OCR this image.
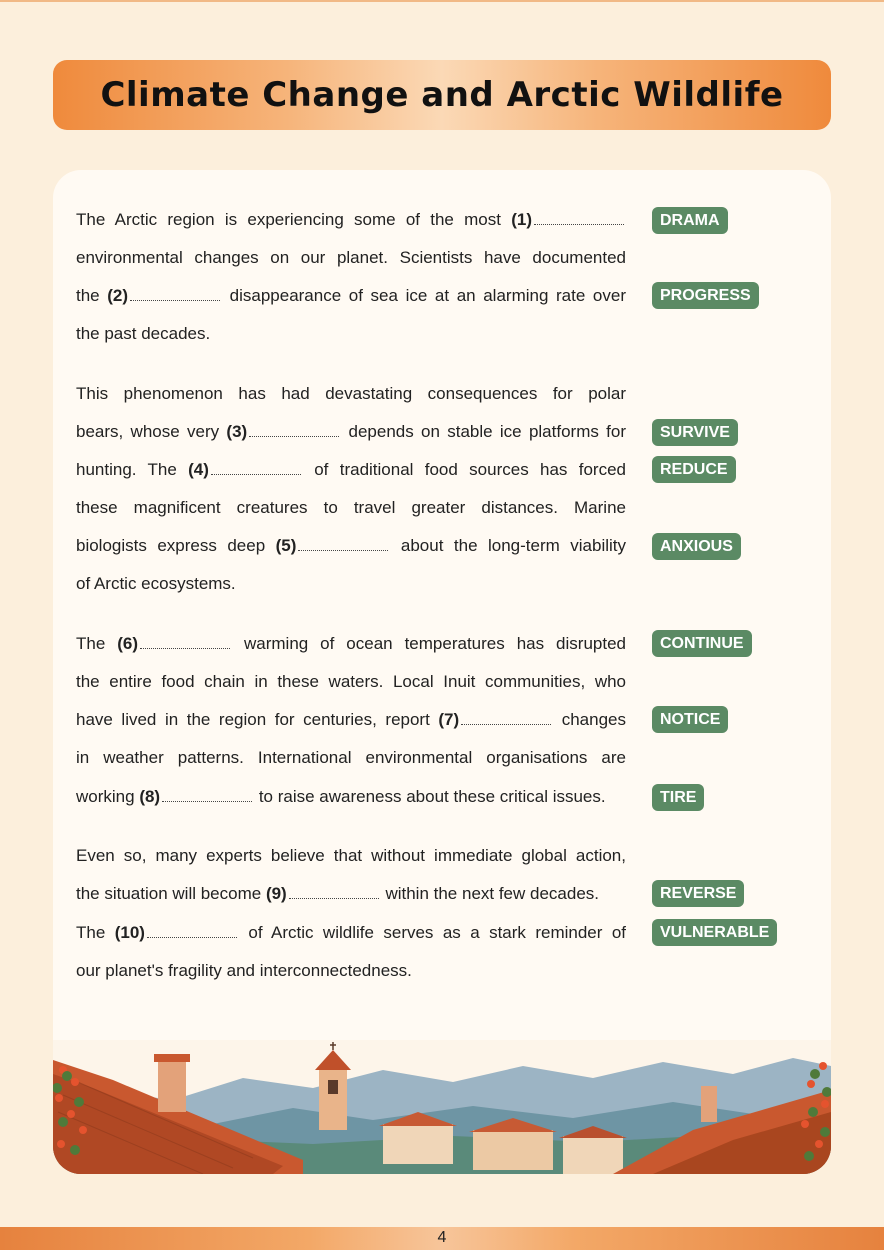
Climate Change and Arctic Wildlife
The Arctic region is experiencing some of the most (1)
environmental changes on our planet. Scientists have documented
the (2)	disappearance of sea ice at an alarming rate over
the past decades.
This phenomenon has had devastating consequences for polar
bears, whose very (3)	depends on stable ice platforms for
hunting. The (4)	of traditional food sources has forced
these magnificent creatures to travel greater distances. Marine
biologists express deep (5)	about the long-term viability
of Arctic ecosystems.
The (6)	warming of ocean temperatures has disrupted
the entire food chain in these waters. Local Inuit communities, who
have lived in the region for centuries, report (7)	changes
in weather patterns. International environmental organisations are
working (8)	to raise awareness about these critical issues.
Even so, many experts believe that without immediate global action,
the situation will become (9)	within the next few decades.
The (10)	of Arctic wildlife serves as a stark reminder of
our planet's fragility and interconnectedness.
DRAMA
PROGRESS
SURVIVE
REDUCE
ANXIOUS
CONTINUE
NOTICE
TIRE
REVERSE
VULNERABLE
4
